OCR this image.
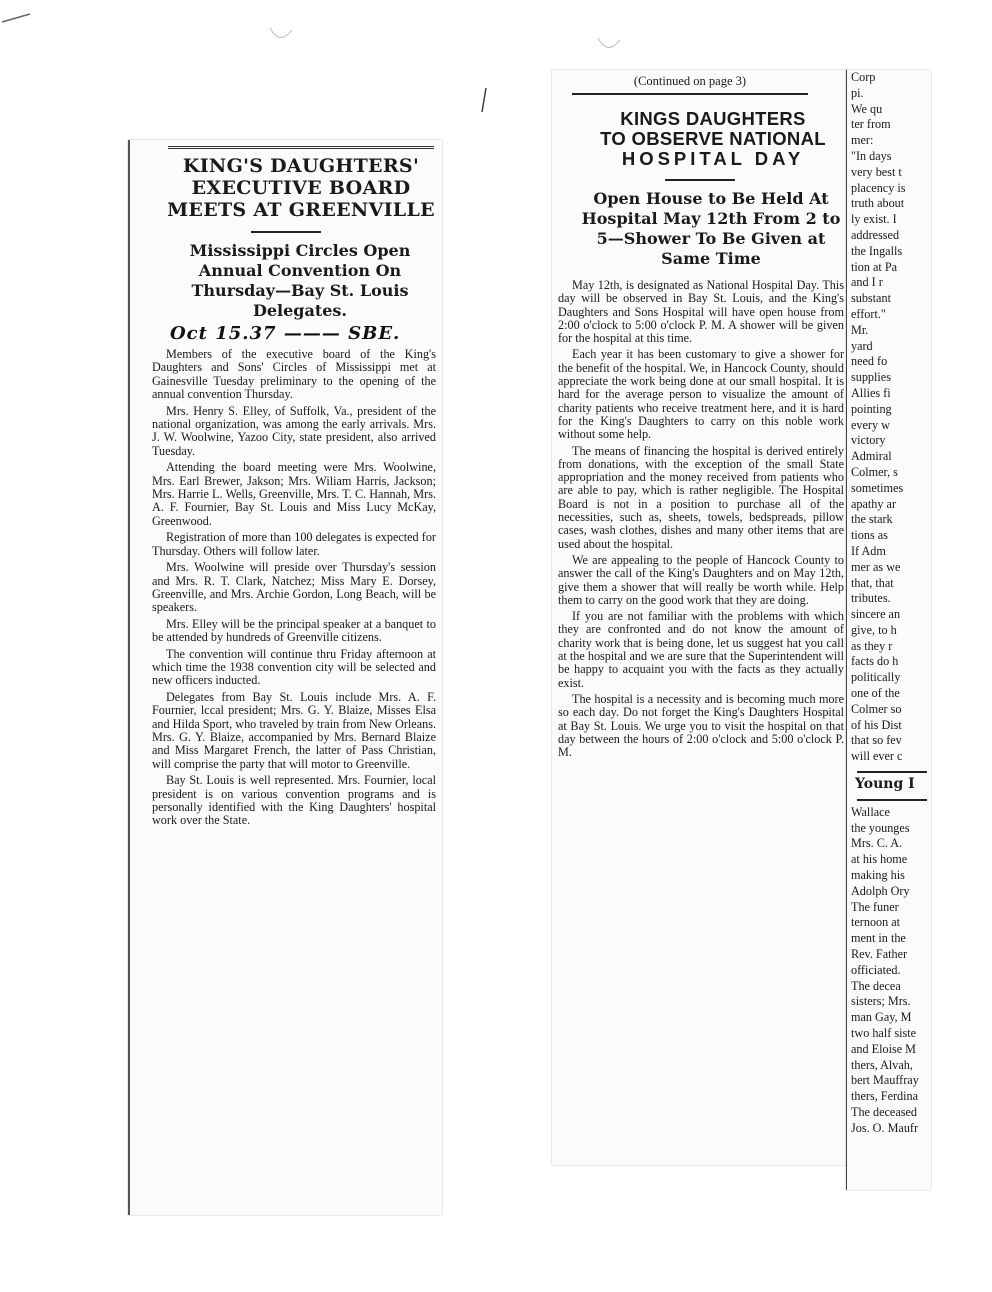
KING'S DAUGHTERS' EXECUTIVE BOARD MEETS AT GREENVILLE
Mississippi Circles Open Annual Convention On Thursday—Bay St. Louis Delegates.
Oct 15.37 ——— SBE.

Members of the executive board of the King's Daughters and Sons' Circles of Mississippi met at Gainesville Tuesday preliminary to the opening of the annual convention Thursday.

Mrs. Henry S. Elley, of Suffolk, Va., president of the national organization, was among the early arrivals. Mrs. J. W. Woolwine, Yazoo City, state president, also arrived Tuesday.

Attending the board meeting were Mrs. Woolwine, Mrs. Earl Brewer, Jakson; Mrs. Wiliam Harris, Jackson; Mrs. Harrie L. Wells, Greenville, Mrs. T. C. Hannah, Mrs. A. F. Fournier, Bay St. Louis and Miss Lucy McKay, Greenwood.

Registration of more than 100 delegates is expected for Thursday. Others will follow later.

Mrs. Woolwine will preside over Thursday's session and Mrs. R. T. Clark, Natchez; Miss Mary E. Dorsey, Greenville, and Mrs. Archie Gordon, Long Beach, will be speakers.

Mrs. Elley will be the principal speaker at a banquet to be attended by hundreds of Greenville citizens.

The convention will continue thru Friday afternoon at which time the 1938 convention city will be selected and new officers inducted.

Delegates from Bay St. Louis include Mrs. A. F. Fournier, lccal president; Mrs. G. Y. Blaize, Misses Elsa and Hilda Sport, who traveled by train from New Orleans. Mrs. G. Y. Blaize, accompanied by Mrs. Bernard Blaize and Miss Margaret French, the latter of Pass Christian, will comprise the party that will motor to Greenville.

Bay St. Louis is well represented. Mrs. Fournier, local president is on various convention programs and is personally identified with the King Daughters' hospital work over the State.

(Continued on page 3)
KINGS DAUGHTERS
TO OBSERVE NATIONAL
HOSPITAL DAY
Open House to Be Held At Hospital May 12th From 2 to 5—Shower To Be Given at Same Time

May 12th, is designated as National Hospital Day. This day will be observed in Bay St. Louis, and the King's Daughters and Sons Hospital will have open house from 2:00 o'clock to 5:00 o'clock P. M. A shower will be given for the hospital at this time.

Each year it has been customary to give a shower for the benefit of the hospital. We, in Hancock County, should appreciate the work being done at our small hospital. It is hard for the average person to visualize the amount of charity patients who receive treatment here, and it is hard for the King's Daughters to carry on this noble work without some help.

The means of financing the hospital is derived entirely from donations, with the exception of the small State appropriation and the money received from patients who are able to pay, which is rather negligible. The Hospital Board is not in a position to purchase all of the necessities, such as, sheets, towels, bedspreads, pillow cases, wash clothes, dishes and many other items that are used about the hospital.

We are appealing to the people of Hancock County to answer the call of the King's Daughters and on May 12th, give them a shower that will really be worth while. Help them to carry on the good work that they are doing.

If you are not familiar with the problems with which they are confronted and do not know the amount of charity work that is being done, let us suggest hat you call at the hospital and we are sure that the Superintendent will be happy to acquaint you with the facts as they actually exist.

The hospital is a necessity and is becoming much more so each day. Do not forget the King's Daughters Hospital at Bay St. Louis. We urge you to visit the hospital on that day between the hours of 2:00 o'clock and 5:00 o'clock P. M.

Corp
pi.
We qu
ter from
mer:
"In days
very best t
placency is
truth about
ly exist. I
addressed
the Ingalls
tion at Pa
and I r
substant
effort."
Mr.
yard
need fo
supplies
Allies fi
pointing
every w
victory
Admiral
Colmer, s
sometimes
apathy ar
the stark
tions as
If Adm
mer as we
that, that
tributes.
sincere an
give, to h
as they r
facts do h
politically
one of the
Colmer so
of his Dist
that so fev
will ever c
Young I
Wallace
the younges
Mrs. C. A.
at his home
making his
Adolph Ory
The funer
ternoon at
ment in the
Rev. Father
officiated.
The decea
sisters; Mrs.
man Gay, M
two half siste
and Eloise M
thers, Alvah,
bert Mauffray
thers, Ferdina
The deceased
Jos. O. Maufr
